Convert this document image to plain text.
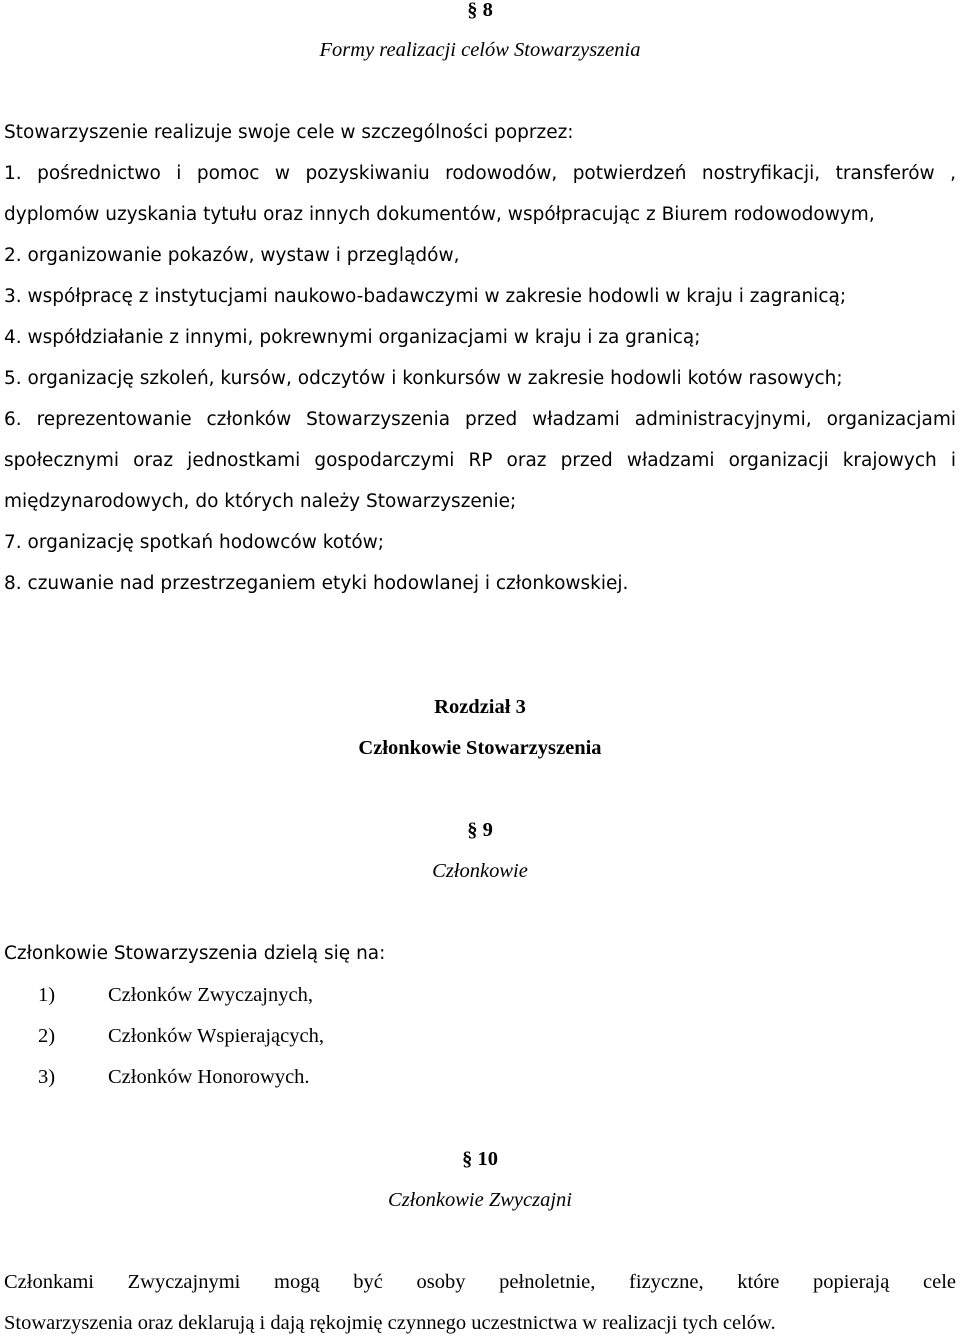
§ 8
Formy realizacji celów Stowarzyszenia
Stowarzyszenie realizuje swoje cele w szczególności poprzez:
1. pośrednictwo i pomoc w pozyskiwaniu rodowodów, potwierdzeń nostryfikacji, transferów ,
dyplomów uzyskania tytułu oraz innych dokumentów, współpracując z Biurem rodowodowym,
2. organizowanie pokazów, wystaw i przeglądów,
3. współpracę z instytucjami naukowo-badawczymi w zakresie hodowli w kraju i zagranicą;
4. współdziałanie z innymi, pokrewnymi organizacjami w kraju i za granicą;
5. organizację szkoleń, kursów, odczytów i konkursów w zakresie hodowli kotów rasowych;
6. reprezentowanie członków Stowarzyszenia przed władzami administracyjnymi, organizacjami
społecznymi oraz jednostkami gospodarczymi RP oraz przed władzami organizacji krajowych i
międzynarodowych, do których należy Stowarzyszenie;
7. organizację spotkań hodowców kotów;
8. czuwanie nad przestrzeganiem etyki hodowlanej i członkowskiej.
Rozdział 3
Członkowie Stowarzyszenia
§ 9
Członkowie
Członkowie Stowarzyszenia dzielą się na:
1)	Członków Zwyczajnych,
2)	Członków Wspierających,
3)	Członków Honorowych.
§ 10
Członkowie Zwyczajni
Członkami Zwyczajnymi mogą być osoby pełnoletnie, fizyczne, które popierają cele
Stowarzyszenia oraz deklarują i dają rękojmię czynnego uczestnictwa w realizacji tych celów.
